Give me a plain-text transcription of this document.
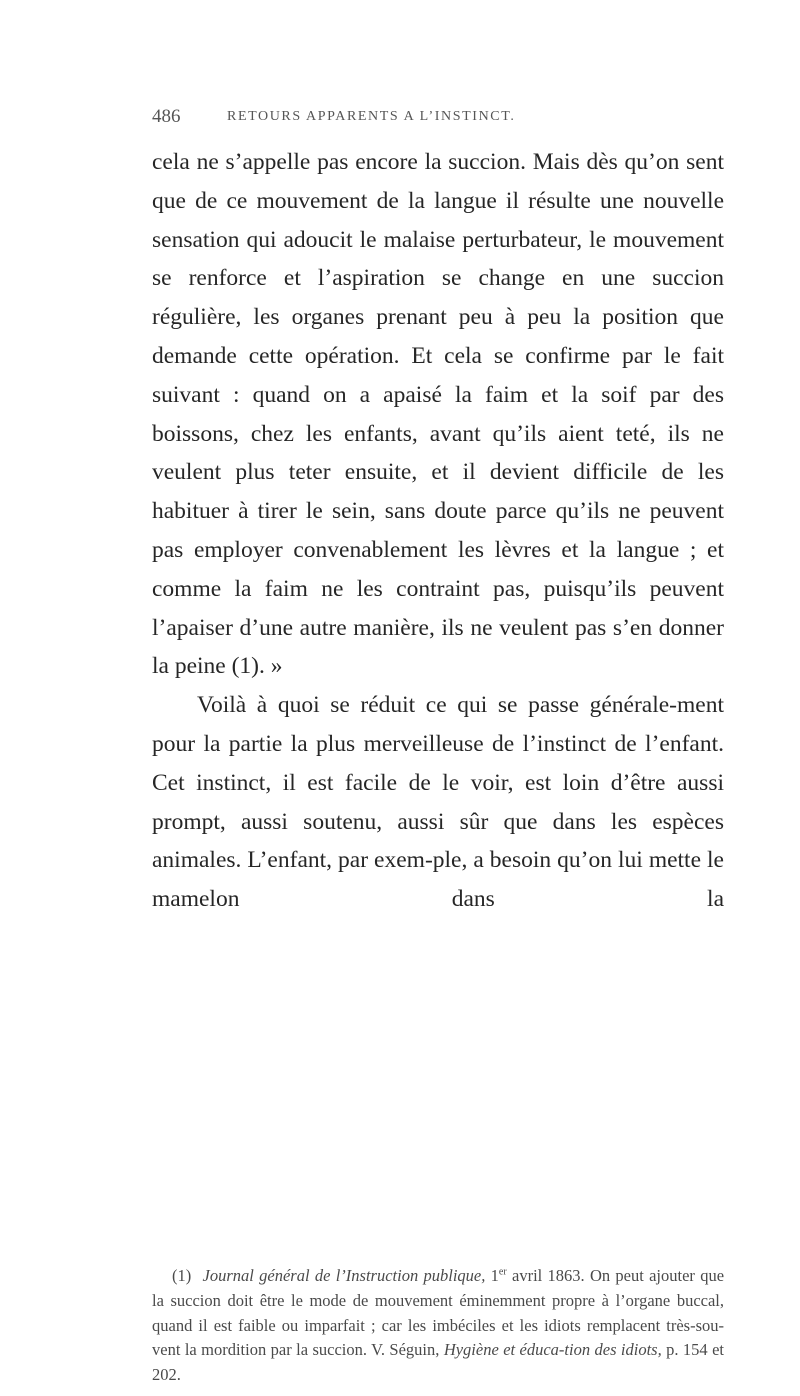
486	RETOURS APPARENTS A L’INSTINCT.

cela ne s’appelle pas encore la succion. Mais dès qu’on sent que de ce mouvement de la langue il résulte une nouvelle sensation qui adoucit le malaise perturbateur, le mouvement se renforce et l’aspiration se change en une succion régulière, les organes prenant peu à peu la position que demande cette opération. Et cela se confirme par le fait suivant : quand on a apaisé la faim et la soif par des boissons, chez les enfants, avant qu’ils aient teté, ils ne veulent plus teter ensuite, et il devient difficile de les habituer à tirer le sein, sans doute parce qu’ils ne peuvent pas employer convenablement les lèvres et la langue ; et comme la faim ne les contraint pas, puisqu’ils peuvent l’apaiser d’une autre manière, ils ne veulent pas s’en donner la peine (1). »

Voilà à quoi se réduit ce qui se passe générale-ment pour la partie la plus merveilleuse de l’instinct de l’enfant. Cet instinct, il est facile de le voir, est loin d’être aussi prompt, aussi soutenu, aussi sûr que dans les espèces animales. L’enfant, par exem-ple, a besoin qu’on lui mette le mamelon dans la

(1) Journal général de l’Instruction publique, 1er avril 1863. On peut ajouter que la succion doit être le mode de mouvement éminemment propre à l’organe buccal, quand il est faible ou imparfait ; car les imbéciles et les idiots remplacent très-sou-vent la mordition par la succion. V. Séguin, Hygiène et éduca-tion des idiots, p. 154 et 202.
